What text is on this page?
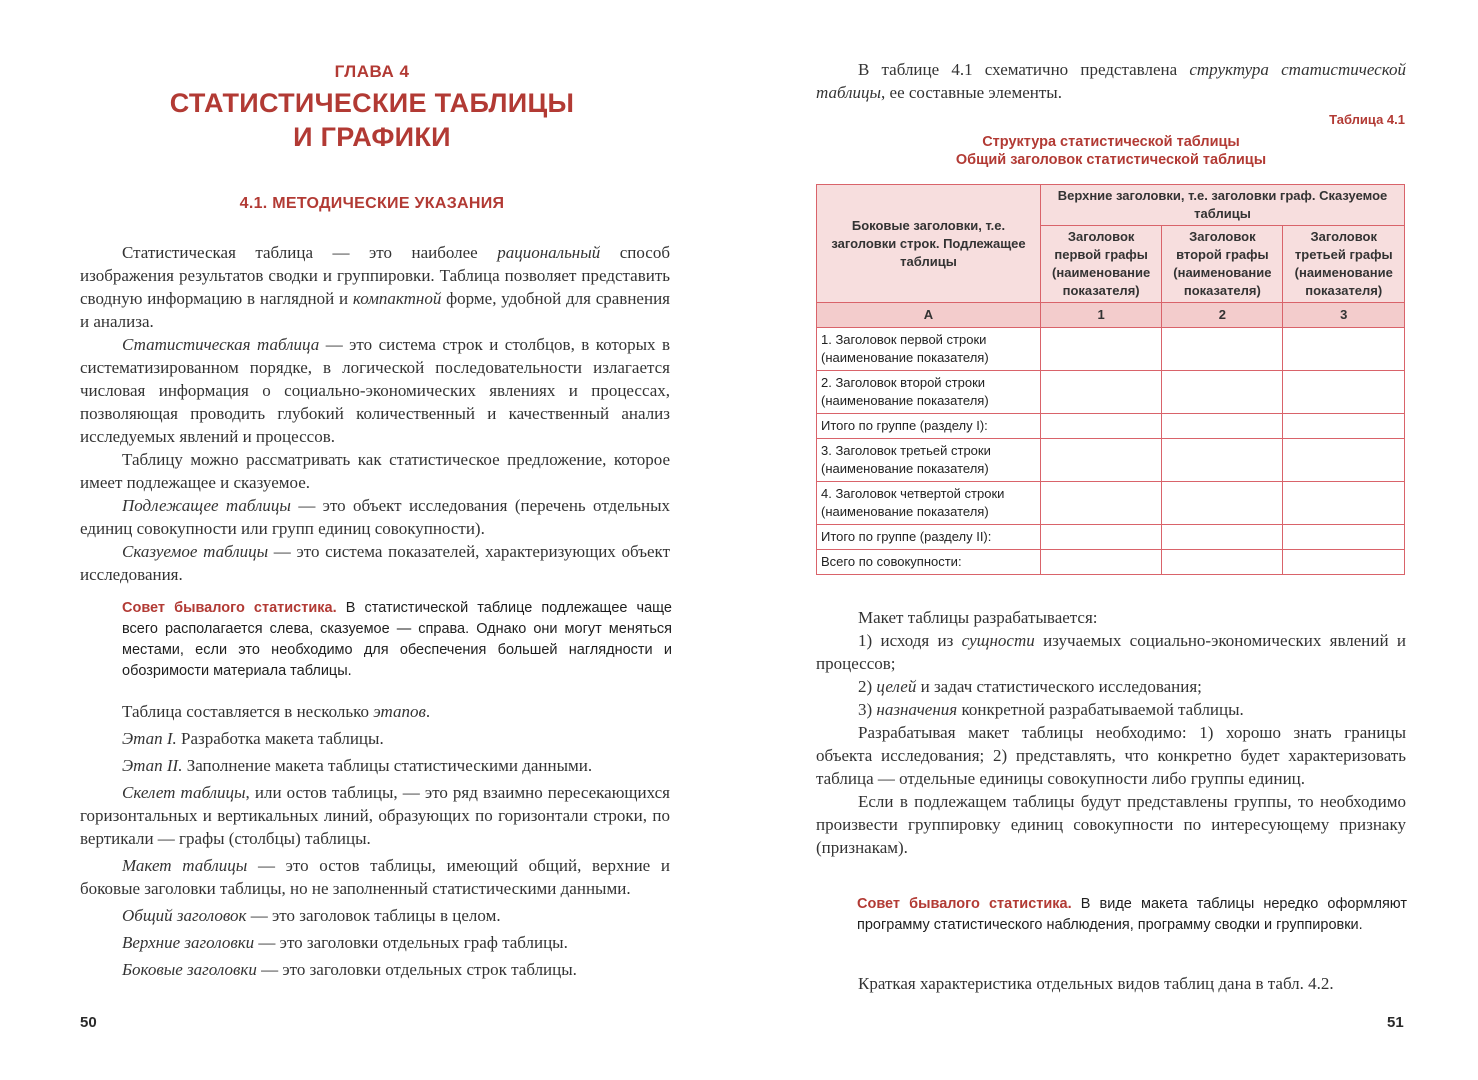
ГЛАВА 4
СТАТИСТИЧЕСКИЕ ТАБЛИЦЫ
И ГРАФИКИ
4.1. МЕТОДИЧЕСКИЕ УКАЗАНИЯ

Статистическая таблица — это наиболее рациональный способ изображения результатов сводки и группировки. Таблица позволяет представить сводную информацию в наглядной и компактной форме, удобной для сравнения и анализа.

Статистическая таблица — это система строк и столбцов, в которых в систематизированном порядке, в логической последовательности излагается числовая информация о социально-экономических явлениях и процессах, позволяющая проводить глубокий количественный и качественный анализ исследуемых явлений и процессов.

Таблицу можно рассматривать как статистическое предложение, которое имеет подлежащее и сказуемое.

Подлежащее таблицы — это объект исследования (перечень отдельных единиц совокупности или групп единиц совокупности).

Сказуемое таблицы — это система показателей, характеризующих объект исследования.

Совет бывалого статистика. В статистической таблице подлежащее чаще всего располагается слева, сказуемое — справа. Однако они могут меняться местами, если это необходимо для обеспечения большей наглядности и обозримости материала таблицы.

Таблица составляется в несколько этапов.

Этап I. Разработка макета таблицы.

Этап II. Заполнение макета таблицы статистическими данными.

Скелет таблицы, или остов таблицы, — это ряд взаимно пересекающихся горизонтальных и вертикальных линий, образующих по горизонтали строки, по вертикали — графы (столбцы) таблицы.

Макет таблицы — это остов таблицы, имеющий общий, верхние и боковые заголовки таблицы, но не заполненный статистическими данными.

Общий заголовок — это заголовок таблицы в целом.

Верхние заголовки — это заголовки отдельных граф таблицы.

Боковые заголовки — это заголовки отдельных строк таблицы.

50

В таблице 4.1 схематично представлена структура статистической таблицы, ее составные элементы.

Таблица 4.1
Структура статистической таблицы
Общий заголовок статистической таблицы
Боковые заголовки, т.е. заголовки строк. Подлежащее таблицы	Верхние заголовки, т.е. заголовки граф. Сказуемое таблицы		
	Заголовок первой графы (наименование показателя)	Заголовок второй графы (наименование показателя)	Заголовок третьей графы (наименование показателя)
А	1	2	3
1. Заголовок первой строки (наименование показателя)			
2. Заголовок второй строки (наименование показателя)			
Итого по группе (разделу I):			
3. Заголовок третьей строки (наименование показателя)			
4. Заголовок четвертой строки (наименование показателя)			
Итого по группе (разделу II):			
Всего по совокупности:			

Макет таблицы разрабатывается:

1) исходя из сущности изучаемых социально-экономических явлений и процессов;

2) целей и задач статистического исследования;

3) назначения конкретной разрабатываемой таблицы.

Разрабатывая макет таблицы необходимо: 1) хорошо знать границы объекта исследования; 2) представлять, что конкретно будет характеризовать таблица — отдельные единицы совокупности либо группы единиц.

Если в подлежащем таблицы будут представлены группы, то необходимо произвести группировку единиц совокупности по интересующему признаку (признакам).

Совет бывалого статистика. В виде макета таблицы нередко оформляют программу статистического наблюдения, программу сводки и группировки.

Краткая характеристика отдельных видов таблиц дана в табл. 4.2.

51
